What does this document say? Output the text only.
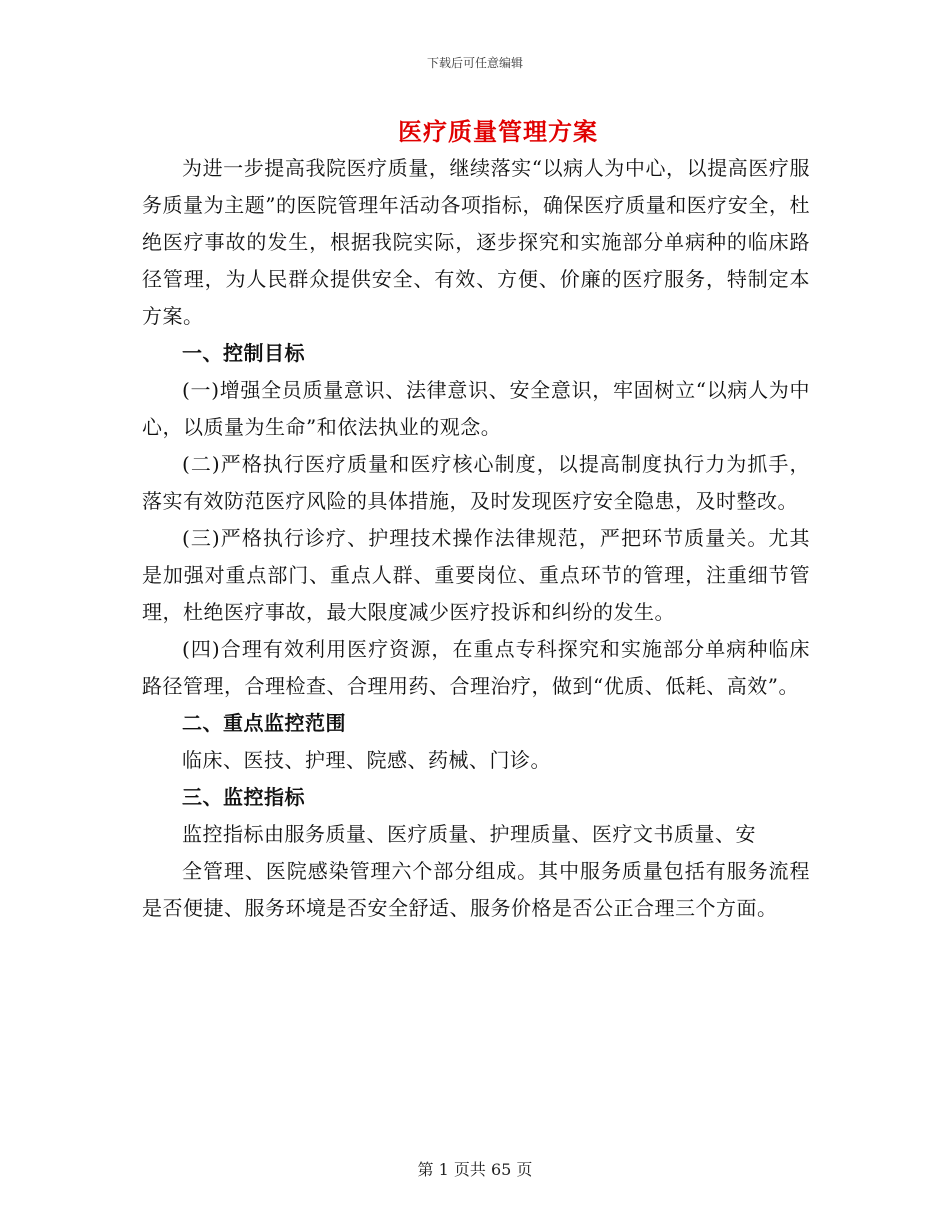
下载后可任意编辑
医疗质量管理方案

为进一步提高我院医疗质量，继续落实“以病人为中心，以提高医疗服务质量为主题”的医院管理年活动各项指标，确保医疗质量和医疗安全，杜绝医疗事故的发生，根据我院实际，逐步探究和实施部分单病种的临床路径管理，为人民群众提供安全、有效、方便、价廉的医疗服务，特制定本方案。

一、控制目标

(一)增强全员质量意识、法律意识、安全意识，牢固树立“以病人为中心，以质量为生命”和依法执业的观念。

(二)严格执行医疗质量和医疗核心制度，以提高制度执行力为抓手，落实有效防范医疗风险的具体措施，及时发现医疗安全隐患，及时整改。

(三)严格执行诊疗、护理技术操作法律规范，严把环节质量关。尤其是加强对重点部门、重点人群、重要岗位、重点环节的管理，注重细节管理，杜绝医疗事故，最大限度减少医疗投诉和纠纷的发生。

(四)合理有效利用医疗资源，在重点专科探究和实施部分单病种临床路径管理，合理检查、合理用药、合理治疗，做到“优质、低耗、高效”。

二、重点监控范围

临床、医技、护理、院感、药械、门诊。

三、监控指标

监控指标由服务质量、医疗质量、护理质量、医疗文书质量、安

全管理、医院感染管理六个部分组成。其中服务质量包括有服务流程是否便捷、服务环境是否安全舒适、服务价格是否公正合理三个方面。

第 1 页共 65 页
